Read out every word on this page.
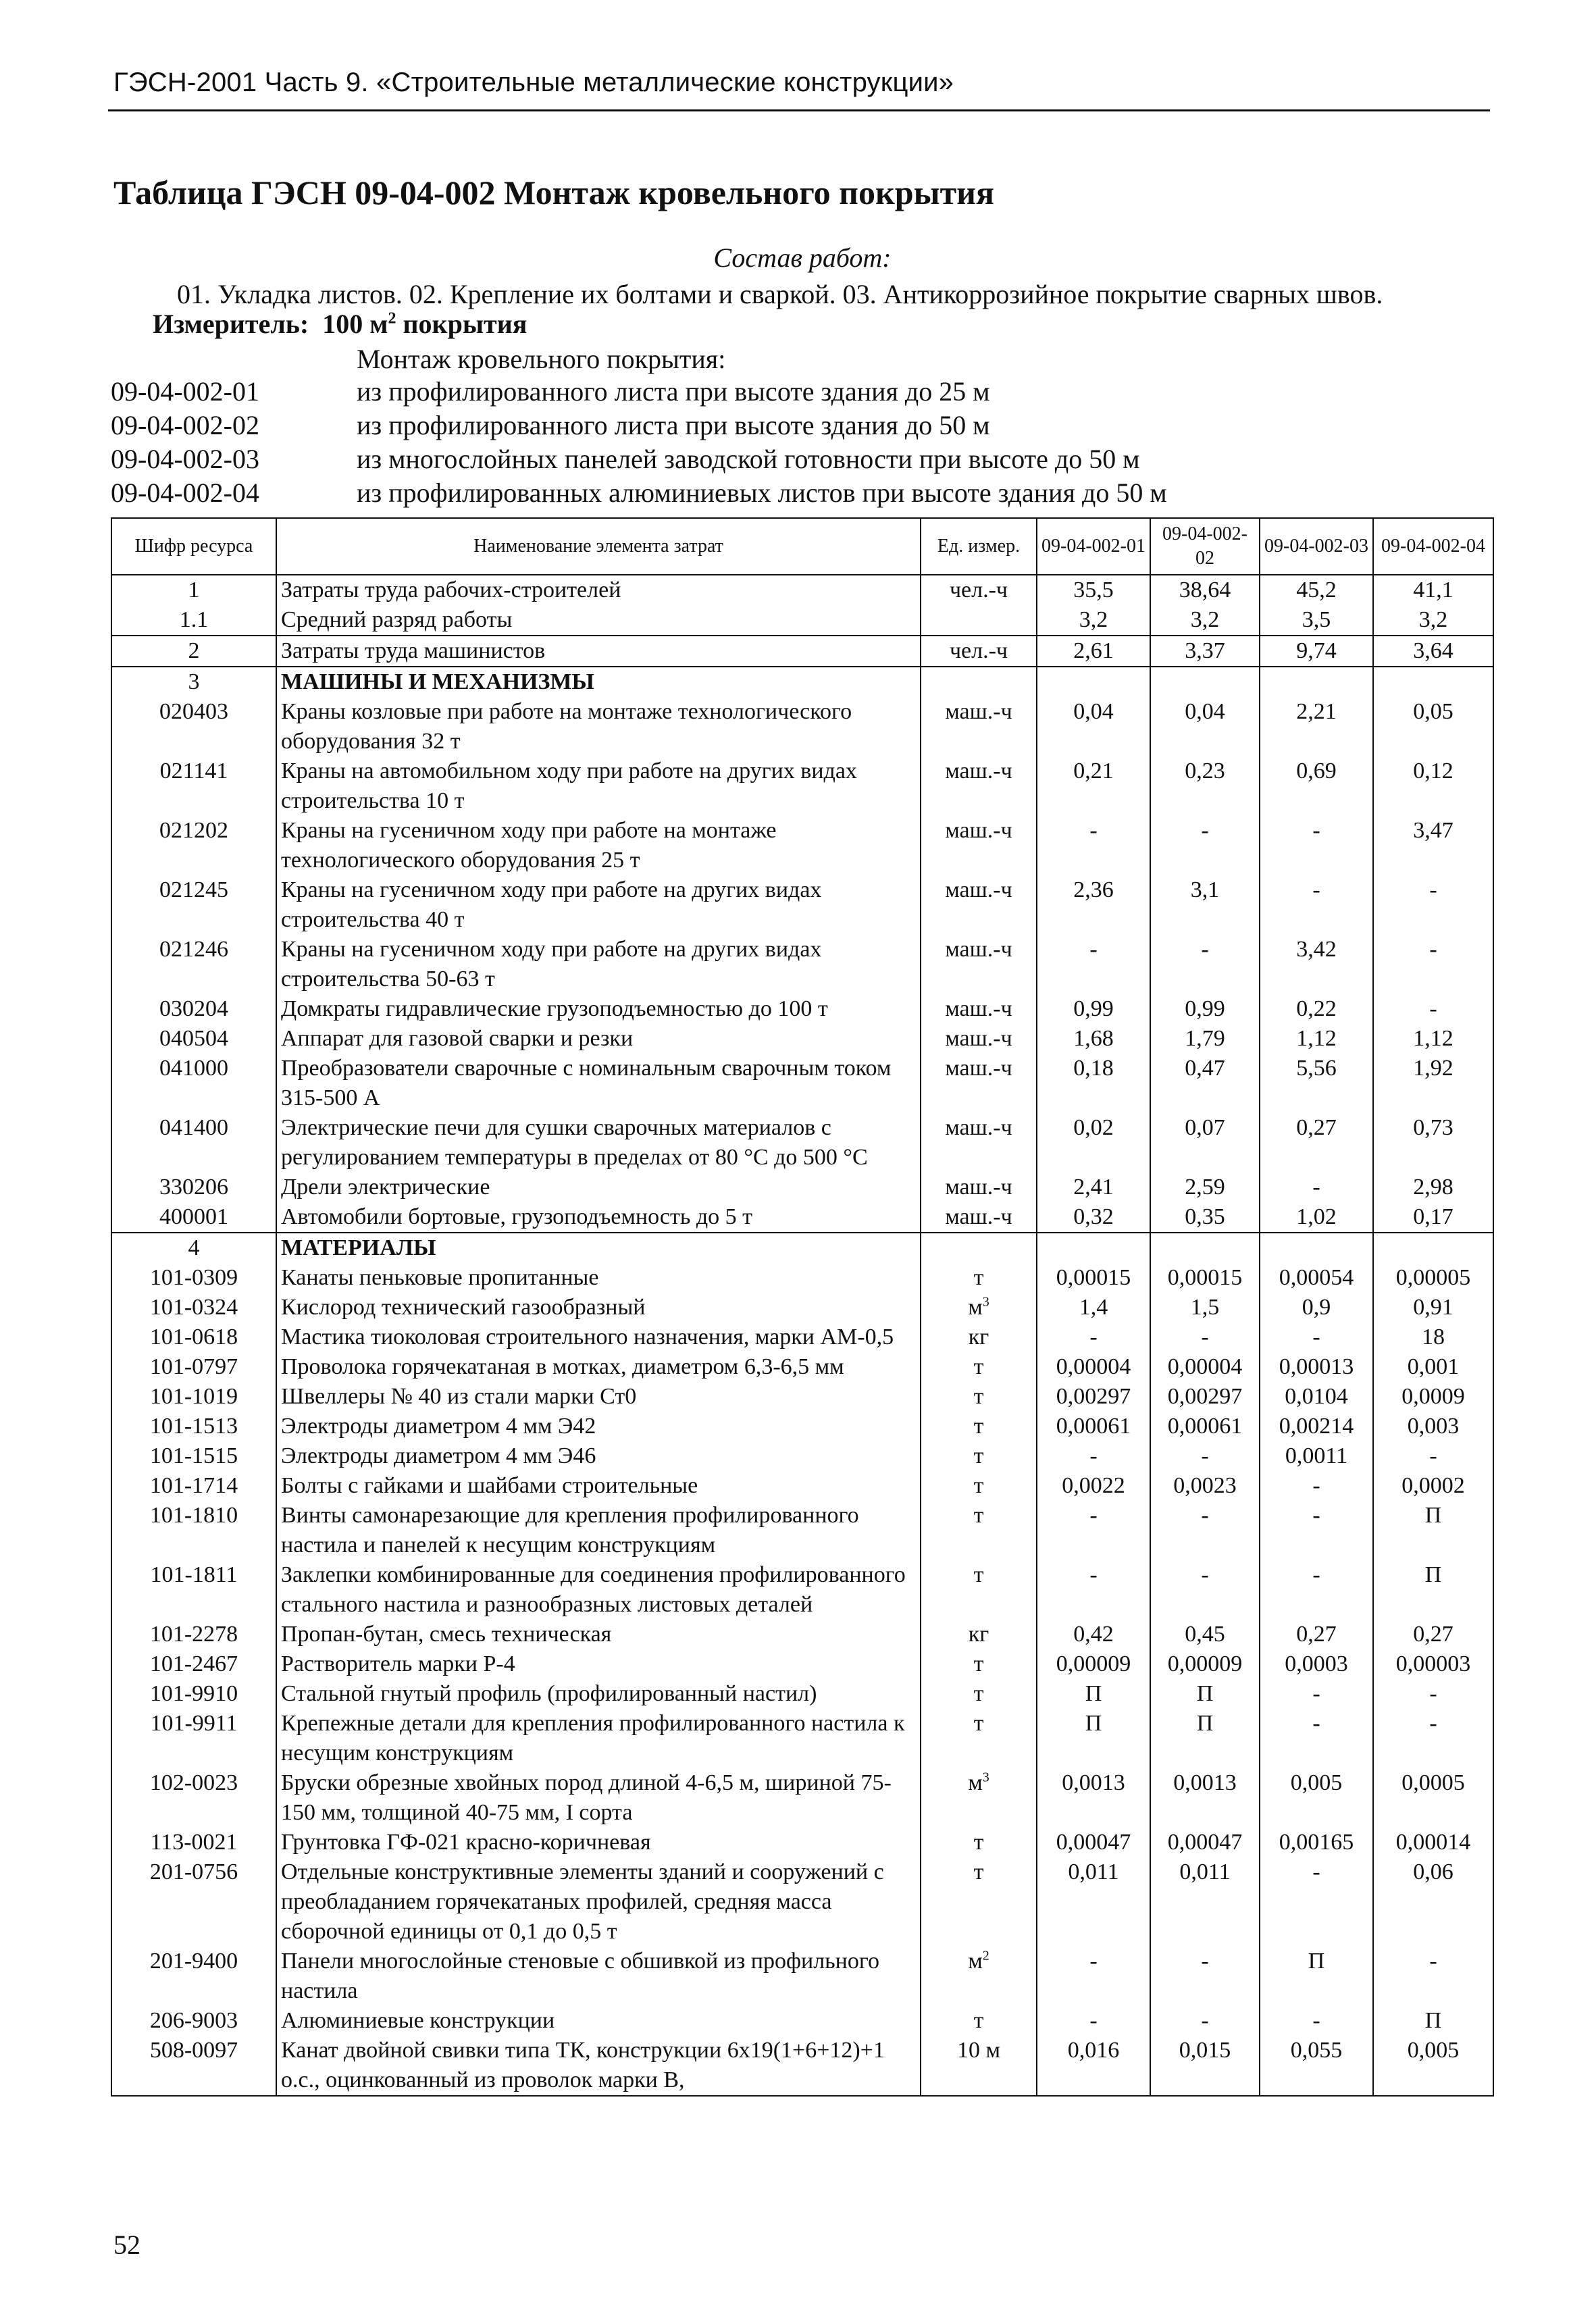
ГЭСН-2001 Часть 9. «Строительные металлические конструкции»
Таблица ГЭСН 09-04-002 Монтаж кровельного покрытия
Состав работ:
01. Укладка листов. 02. Крепление их болтами и сваркой. 03. Антикоррозийное покрытие сварных швов.
Измеритель: 100 $м^2$ покрытия
Монтаж кровельного покрытия:
09-04-002-01	из профилированного листа при высоте здания до 25 м
09-04-002-02	из профилированного листа при высоте здания до 50 м
09-04-002-03	из многослойных панелей заводской готовности при высоте до 50 м
09-04-002-04	из профилированных алюминиевых листов при высоте здания до 50 м
Шифр ресурса	Наименование элемента затрат	Ед. измер.	09-04-002-01	09-04-002-02	09-04-002-03	09-04-002-04
1	Затраты труда рабочих-строителей	чел.-ч	35,5	38,64	45,2	41,1
1.1	Средний разряд работы		3,2	3,2	3,5	3,2
2	Затраты труда машинистов	чел.-ч	2,61	3,37	9,74	3,64
3	МАШИНЫ И МЕХАНИЗМЫ					
020403	Краны козловые при работе на монтаже технологического оборудования 32 т	маш.-ч	0,04	0,04	2,21	0,05
021141	Краны на автомобильном ходу при работе на других видах строительства 10 т	маш.-ч	0,21	0,23	0,69	0,12
021202	Краны на гусеничном ходу при работе на монтаже технологического оборудования 25 т	маш.-ч	-	-	-	3,47
021245	Краны на гусеничном ходу при работе на других видах строительства 40 т	маш.-ч	2,36	3,1	-	-
021246	Краны на гусеничном ходу при работе на других видах строительства 50-63 т	маш.-ч	-	-	3,42	-
030204	Домкраты гидравлические грузоподъемностью до 100 т	маш.-ч	0,99	0,99	0,22	-
040504	Аппарат для газовой сварки и резки	маш.-ч	1,68	1,79	1,12	1,12
041000	Преобразователи сварочные с номинальным сварочным током 315-500 А	маш.-ч	0,18	0,47	5,56	1,92
041400	Электрические печи для сушки сварочных материалов с регулированием температуры в пределах от 80 °С до 500 °С	маш.-ч	0,02	0,07	0,27	0,73
330206	Дрели электрические	маш.-ч	2,41	2,59	-	2,98
400001	Автомобили бортовые, грузоподъемность до 5 т	маш.-ч	0,32	0,35	1,02	0,17
4	МАТЕРИАЛЫ					
101-0309	Канаты пеньковые пропитанные	т	0,00015	0,00015	0,00054	0,00005
101-0324	Кислород технический газообразный	$м^3$	1,4	1,5	0,9	0,91
101-0618	Мастика тиоколовая строительного назначения, марки АМ-0,5	кг	-	-	-	18
101-0797	Проволока горячекатаная в мотках, диаметром 6,3-6,5 мм	т	0,00004	0,00004	0,00013	0,001
101-1019	Швеллеры № 40 из стали марки Ст0	т	0,00297	0,00297	0,0104	0,0009
101-1513	Электроды диаметром 4 мм Э42	т	0,00061	0,00061	0,00214	0,003
101-1515	Электроды диаметром 4 мм Э46	т	-	-	0,0011	-
101-1714	Болты с гайками и шайбами строительные	т	0,0022	0,0023	-	0,0002
101-1810	Винты самонарезающие для крепления профилированного настила и панелей к несущим конструкциям	т	-	-	-	П
101-1811	Заклепки комбинированные для соединения профилированного стального настила и разнообразных листовых деталей	т	-	-	-	П
101-2278	Пропан-бутан, смесь техническая	кг	0,42	0,45	0,27	0,27
101-2467	Растворитель марки Р-4	т	0,00009	0,00009	0,0003	0,00003
101-9910	Стальной гнутый профиль (профилированный настил)	т	П	П	-	-
101-9911	Крепежные детали для крепления профилированного настила к несущим конструкциям	т	П	П	-	-
102-0023	Бруски обрезные хвойных пород длиной 4-6,5 м, шириной 75-150 мм, толщиной 40-75 мм, I сорта	$м^3$	0,0013	0,0013	0,005	0,0005
113-0021	Грунтовка ГФ-021 красно-коричневая	т	0,00047	0,00047	0,00165	0,00014
201-0756	Отдельные конструктивные элементы зданий и сооружений с преобладанием горячекатаных профилей, средняя масса сборочной единицы от 0,1 до 0,5 т	т	0,011	0,011	-	0,06
201-9400	Панели многослойные стеновые с обшивкой из профильного настила	$м^2$	-	-	П	-
206-9003	Алюминиевые конструкции	т	-	-	-	П
508-0097	Канат двойной свивки типа ТК, конструкции 6х19(1+6+12)+1 о.с., оцинкованный из проволок марки В,	10 м	0,016	0,015	0,055	0,005
52
